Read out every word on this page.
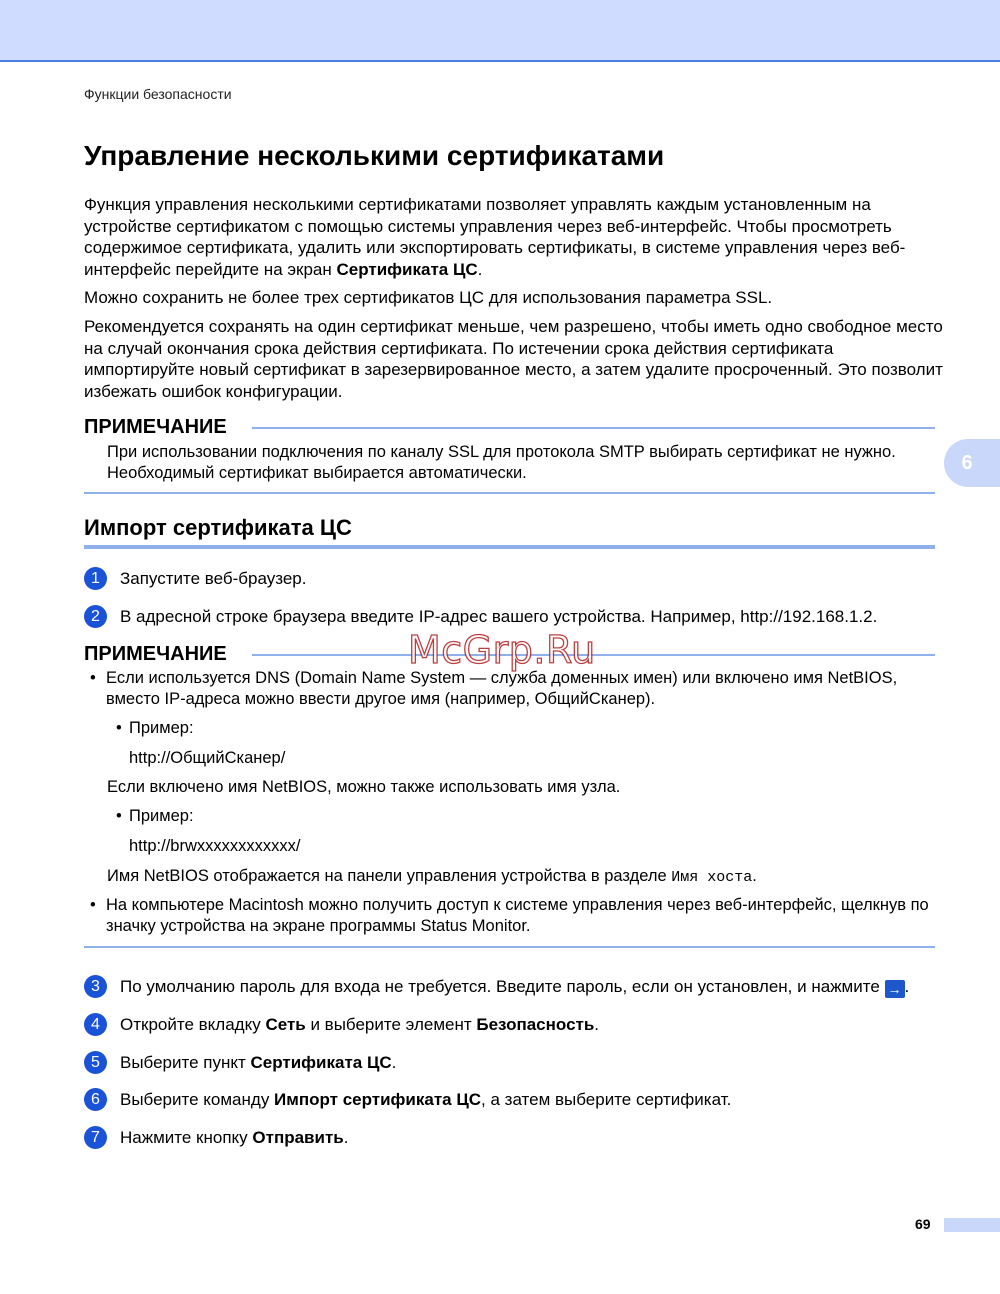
Функции безопасности
Управление несколькими сертификатами

Функция управления несколькими сертификатами позволяет управлять каждым установленным на устройстве сертификатом с помощью системы управления через веб-интерфейс. Чтобы просмотреть содержимое сертификата, удалить или экспортировать сертификаты, в системе управления через веб-интерфейс перейдите на экран Сертификата ЦС.

Можно сохранить не более трех сертификатов ЦС для использования параметра SSL.

Рекомендуется сохранять на один сертификат меньше, чем разрешено, чтобы иметь одно свободное место на случай окончания срока действия сертификата. По истечении срока действия сертификата импортируйте новый сертификат в зарезервированное место, а затем удалите просроченный. Это позволит избежать ошибок конфигурации.

ПРИМЕЧАНИЕ

При использовании подключения по каналу SSL для протокола SMTP выбирать сертификат не нужно. Необходимый сертификат выбирается автоматически.	6
Импорт сертификата ЦС
1	Запустите веб-браузер.
2	В адресной строке браузера введите IP-адрес вашего устройства. Например, http://192.168.1.2.
ПРИМЕЧАНИЕ	McGrp.Ru
• Если используется DNS (Domain Name System — служба доменных имен) или включено имя NetBIOS, вместо IP-адреса можно ввести другое имя (например, ОбщийСканер).
• Пример:
http://ОбщийСканер/
Если включено имя NetBIOS, можно также использовать имя узла.
• Пример:
http://brwxxxxxxxxxxxx/
Имя NetBIOS отображается на панели управления устройства в разделе Имя хоста.
• На компьютере Macintosh можно получить доступ к системе управления через веб-интерфейс, щелкнув по значку устройства на экране программы Status Monitor.
3	По умолчанию пароль для входа не требуется. Введите пароль, если он установлен, и нажмите → .
4	Откройте вкладку Сеть и выберите элемент Безопасность.
5	Выберите пункт Сертификата ЦС.
6	Выберите команду Импорт сертификата ЦС, а затем выберите сертификат.
7	Нажмите кнопку Отправить.
69
